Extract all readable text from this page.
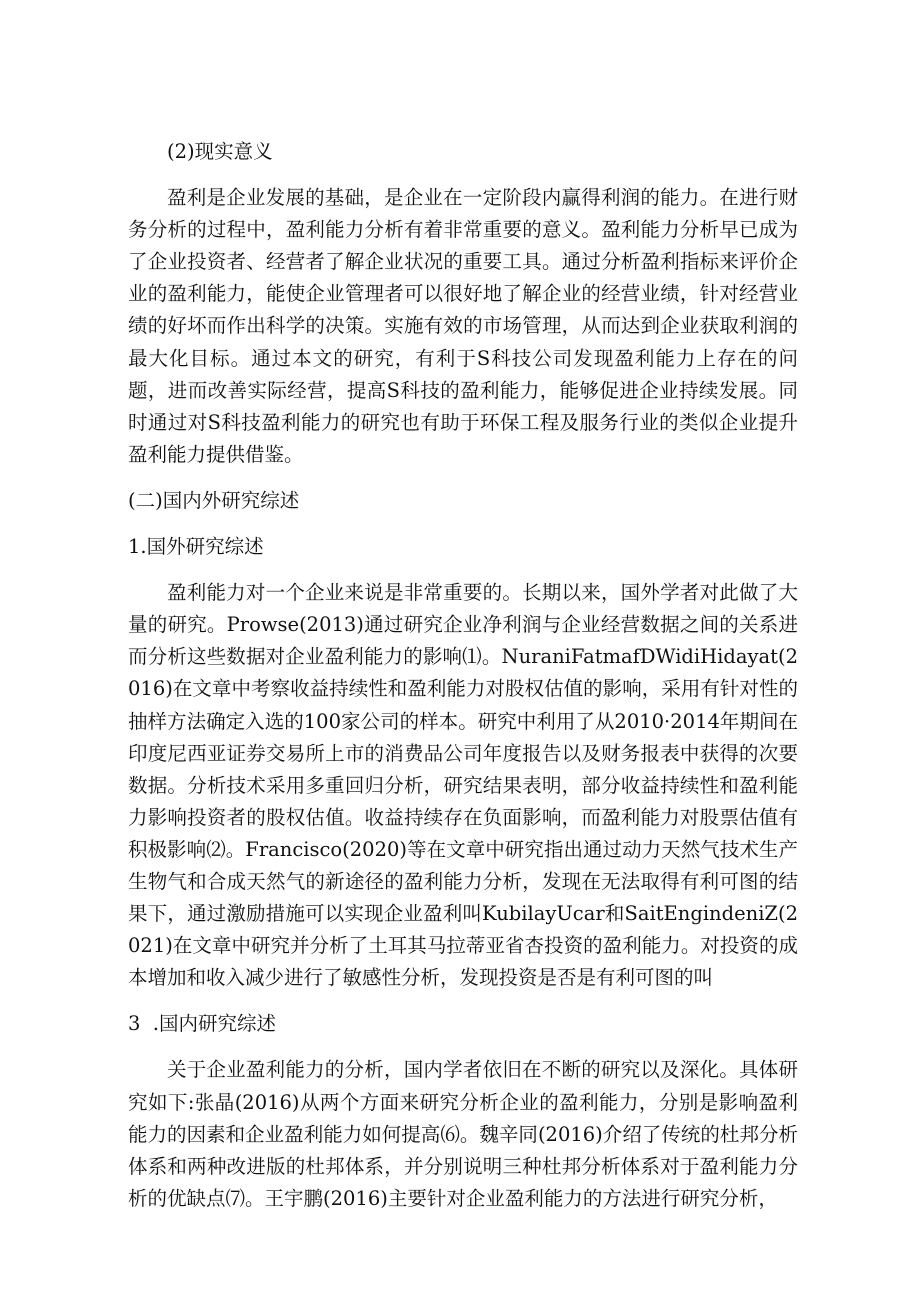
(2)现实意义

盈利是企业发展的基础，是企业在一定阶段内赢得利润的能力。在进行财务分析的过程中，盈利能力分析有着非常重要的意义。盈利能力分析早已成为了企业投资者、经营者了解企业状况的重要工具。通过分析盈利指标来评价企业的盈利能力，能使企业管理者可以很好地了解企业的经营业绩，针对经营业绩的好坏而作出科学的决策。实施有效的市场管理，从而达到企业获取利润的最大化目标。通过本文的研究，有利于S科技公司发现盈利能力上存在的问题，进而改善实际经营，提高S科技的盈利能力，能够促进企业持续发展。同时通过对S科技盈利能力的研究也有助于环保工程及服务行业的类似企业提升盈利能力提供借鉴。

(二)国内外研究综述
1.国外研究综述

盈利能力对一个企业来说是非常重要的。长期以来，国外学者对此做了大量的研究。Prowse(2013)通过研究企业净利润与企业经营数据之间的关系进而分析这些数据对企业盈利能力的影响⑴。NuraniFatmafDWidiHidayat(2016)在文章中考察收益持续性和盈利能力对股权估值的影响，采用有针对性的抽样方法确定入选的100家公司的样本。研究中利用了从2010·2014年期间在印度尼西亚证券交易所上市的消费品公司年度报告以及财务报表中获得的次要数据。分析技术采用多重回归分析，研究结果表明，部分收益持续性和盈利能力影响投资者的股权估值。收益持续存在负面影响，而盈利能力对股票估值有积极影响⑵。Francisco(2020)等在文章中研究指出通过动力天然气技术生产生物气和合成天然气的新途径的盈利能力分析，发现在无法取得有利可图的结果下，通过激励措施可以实现企业盈利叫KubilayUcar和SaitEngindeniZ(2021)在文章中研究并分析了土耳其马拉蒂亚省杏投资的盈利能力。对投资的成本增加和收入减少进行了敏感性分析，发现投资是否是有利可图的叫

3  .国内研究综述

关于企业盈利能力的分析，国内学者依旧在不断的研究以及深化。具体研究如下:张晶(2016)从两个方面来研究分析企业的盈利能力，分别是影响盈利能力的因素和企业盈利能力如何提高⑹。魏辛同(2016)介绍了传统的杜邦分析体系和两种改进版的杜邦体系，并分别说明三种杜邦分析体系对于盈利能力分析的优缺点⑺。王宇鹏(2016)主要针对企业盈利能力的方法进行研究分析，
